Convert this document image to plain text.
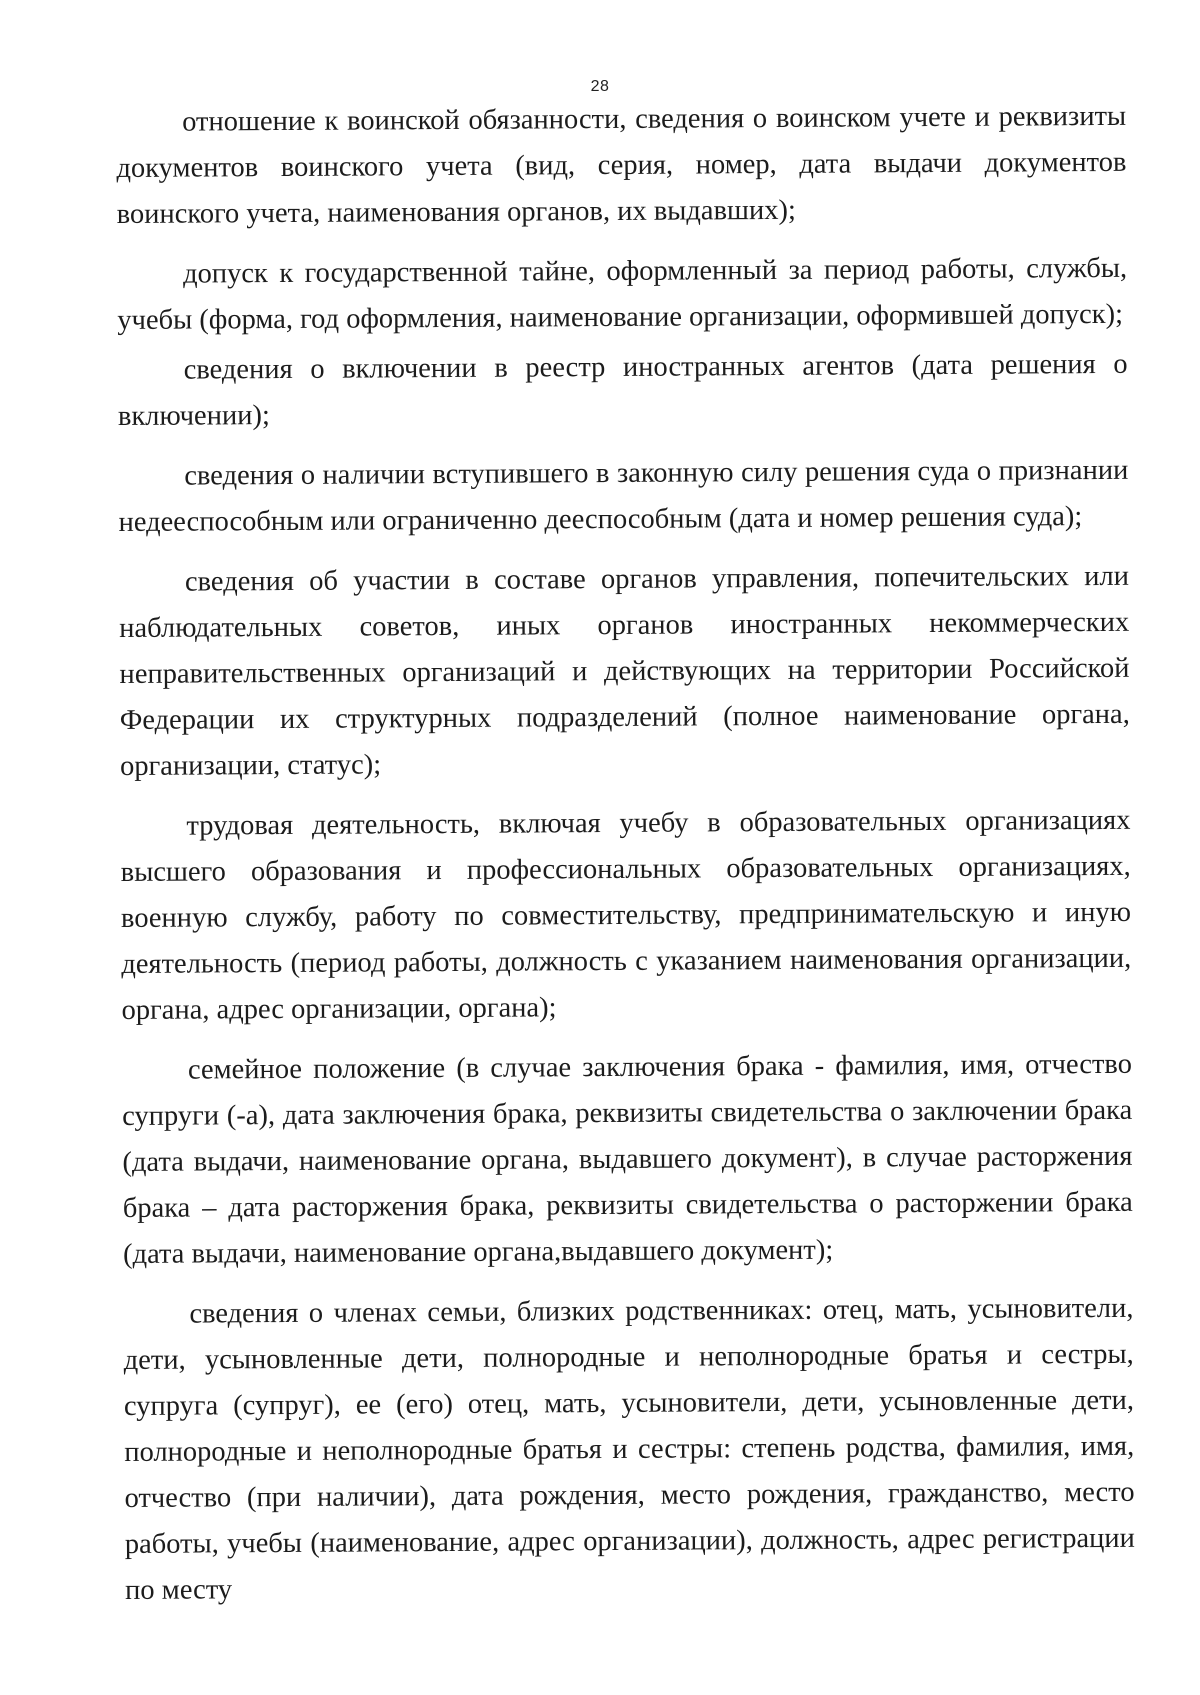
28

отношение к воинской обязанности, сведения о воинском учете и реквизиты документов воинского учета (вид, серия, номер, дата выдачи документов воинского учета, наименования органов, их выдавших);

допуск к государственной тайне, оформленный за период работы, службы, учебы (форма, год оформления, наименование организации, оформившей допуск);

сведения о включении в реестр иностранных агентов (дата решения о включении);

сведения о наличии вступившего в законную силу решения суда о признании недееспособным или ограниченно дееспособным (дата и номер решения суда);

сведения об участии в составе органов управления, попечительских или наблюдательных советов, иных органов иностранных некоммерческих неправительственных организаций и действующих на территории Российской Федерации их структурных подразделений (полное наименование органа, организации, статус);

трудовая деятельность, включая учебу в образовательных организациях высшего образования и профессиональных образовательных организациях, военную службу, работу по совместительству, предпринимательскую и иную деятельность (период работы, должность с указанием наименования организации, органа, адрес организации, органа);

семейное положение (в случае заключения брака - фамилия, имя, отчество супруги (-а), дата заключения брака, реквизиты свидетельства о заключении брака (дата выдачи, наименование органа, выдавшего документ), в случае расторжения брака – дата расторжения брака, реквизиты свидетельства о расторжении брака (дата выдачи, наименование органа,выдавшего документ);

сведения о членах семьи, близких родственниках: отец, мать, усыновители, дети, усыновленные дети, полнородные и неполнородные братья и сестры, супруга (супруг), ее (его) отец, мать, усыновители, дети, усыновленные дети, полнородные и неполнородные братья и сестры: степень родства, фамилия, имя, отчество (при наличии), дата рождения, место рождения, гражданство, место работы, учебы (наименование, адрес организации), должность, адрес регистрации по месту
